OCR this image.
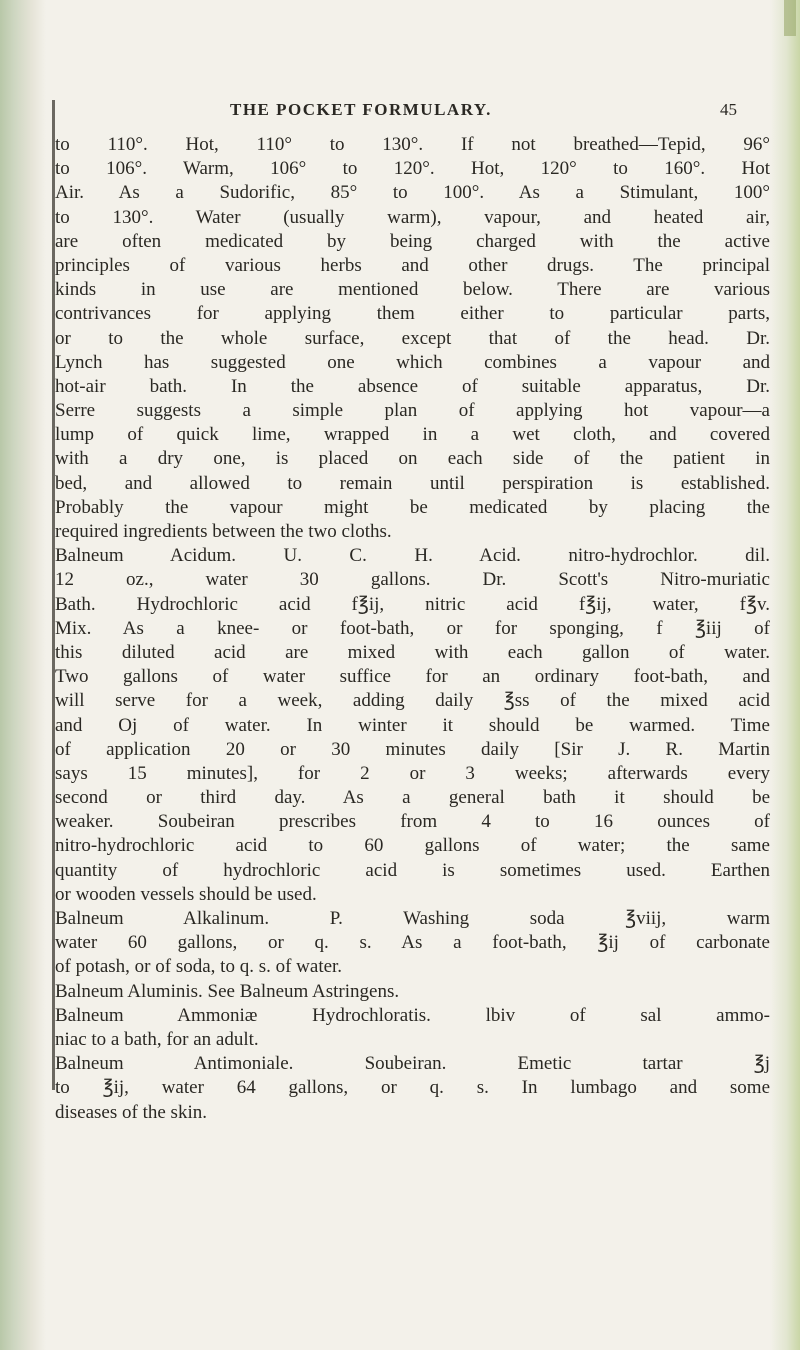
THE POCKET FORMULARY.	45
to 110°. Hot, 110° to 130°. If not breathed—Tepid, 96°
to 106°. Warm, 106° to 120°. Hot, 120° to 160°. Hot
Air. As a Sudorific, 85° to 100°. As a Stimulant, 100°
to 130°. Water (usually warm), vapour, and heated air,
are often medicated by being charged with the active
principles of various herbs and other drugs. The principal
kinds in use are mentioned below. There are various
contrivances for applying them either to particular parts,
or to the whole surface, except that of the head. Dr.
Lynch has suggested one which combines a vapour and
hot-air bath. In the absence of suitable apparatus, Dr.
Serre suggests a simple plan of applying hot vapour—a
lump of quick lime, wrapped in a wet cloth, and covered
with a dry one, is placed on each side of the patient in
bed, and allowed to remain until perspiration is established.
Probably the vapour might be medicated by placing the
required ingredients between the two cloths.
Balneum Acidum. U. C. H. Acid. nitro-hydrochlor. dil.
12 oz., water 30 gallons. Dr. Scott's Nitro-muriatic
Bath. Hydrochloric acid f℥ij, nitric acid f℥ij, water, f℥v.
Mix. As a knee- or foot-bath, or for sponging, f ℥iij of
this diluted acid are mixed with each gallon of water.
Two gallons of water suffice for an ordinary foot-bath, and
will serve for a week, adding daily ℥ss of the mixed acid
and Oj of water. In winter it should be warmed. Time
of application 20 or 30 minutes daily [Sir J. R. Martin
says 15 minutes], for 2 or 3 weeks; afterwards every
second or third day. As a general bath it should be
weaker. Soubeiran prescribes from 4 to 16 ounces of
nitro-hydrochloric acid to 60 gallons of water; the same
quantity of hydrochloric acid is sometimes used. Earthen
or wooden vessels should be used.
Balneum Alkalinum. P. Washing soda ℥viij, warm
water 60 gallons, or q. s. As a foot-bath, ℥ij of carbonate
of potash, or of soda, to q. s. of water.
Balneum Aluminis. See Balneum Astringens.
Balneum Ammoniæ Hydrochloratis. lbiv of sal ammo-
niac to a bath, for an adult.
Balneum Antimoniale. Soubeiran. Emetic tartar ℥j
to ℥ij, water 64 gallons, or q. s. In lumbago and some
diseases of the skin.
